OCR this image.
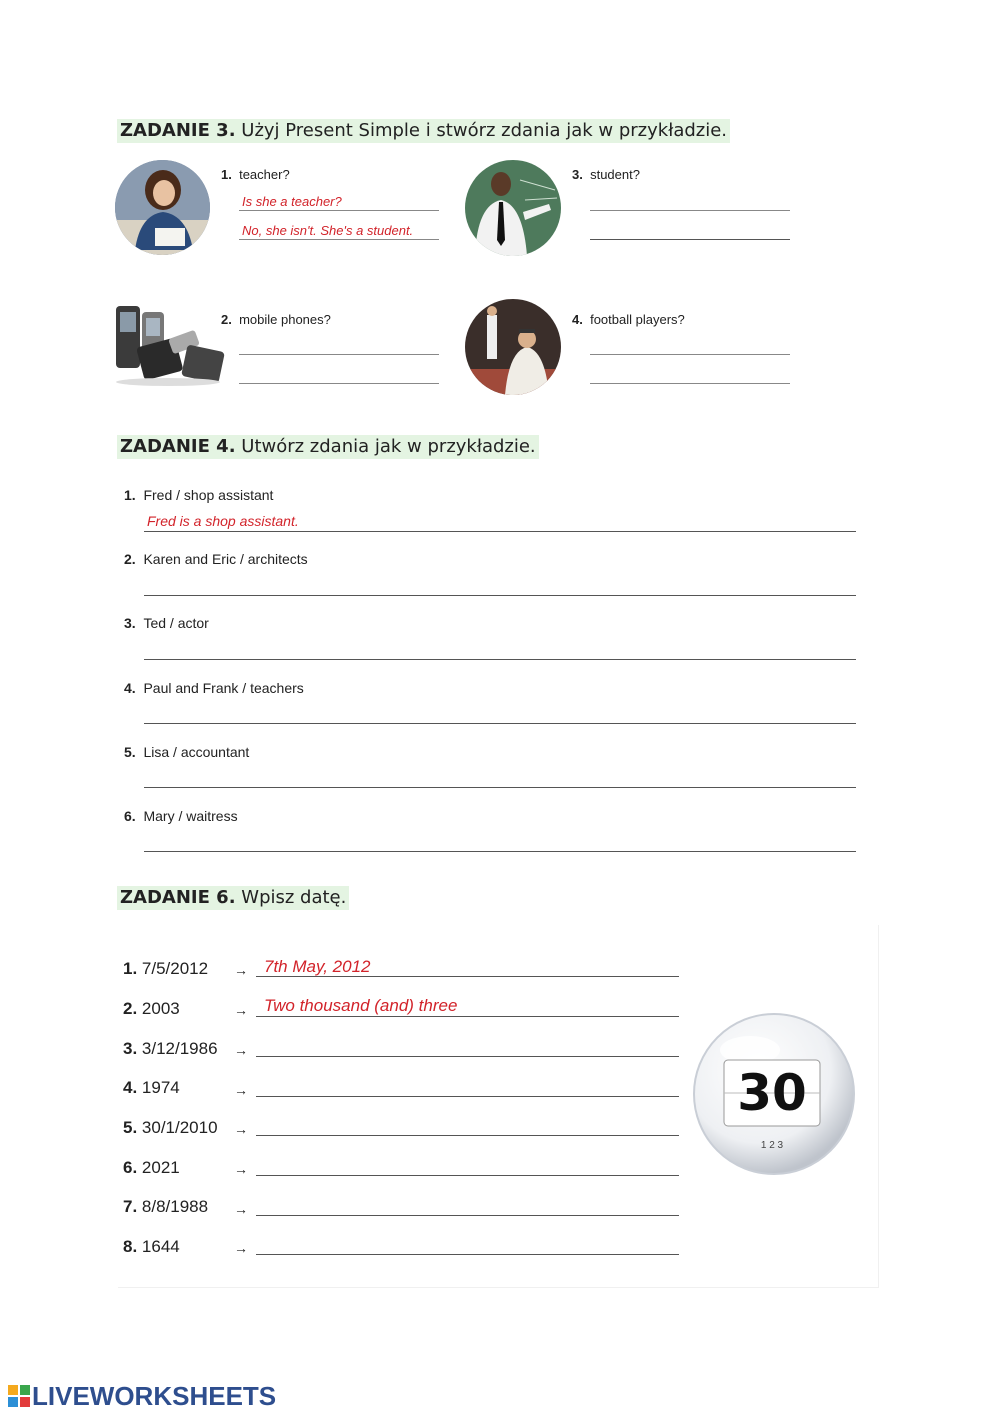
ZADANIE 3. Użyj Present Simple i stwórz zdania jak w przykładzie.
1. teacher?
Is she a teacher?
No, she isn't. She's a student.
3. student?
2. mobile phones?	4. football players?
ZADANIE 4. Utwórz zdania jak w przykładzie.
1. Fred / shop assistant
Fred is a shop assistant.
2. Karen and Eric / architects
3. Ted / actor
4. Paul and Frank / teachers
5. Lisa / accountant
6. Mary / waitress
ZADANIE 6. Wpisz datę.
1. 7/5/2012 → 7th May, 2012
2. 2003	→ Two thousand (and) three
3. 3/12/1986 →
4. 1974	→
5. 30/1/2010 →
6. 2021	→
7. 8/8/1988 →
8. 1644	→
30
1 2 3
LIVEWORKSHEETS
